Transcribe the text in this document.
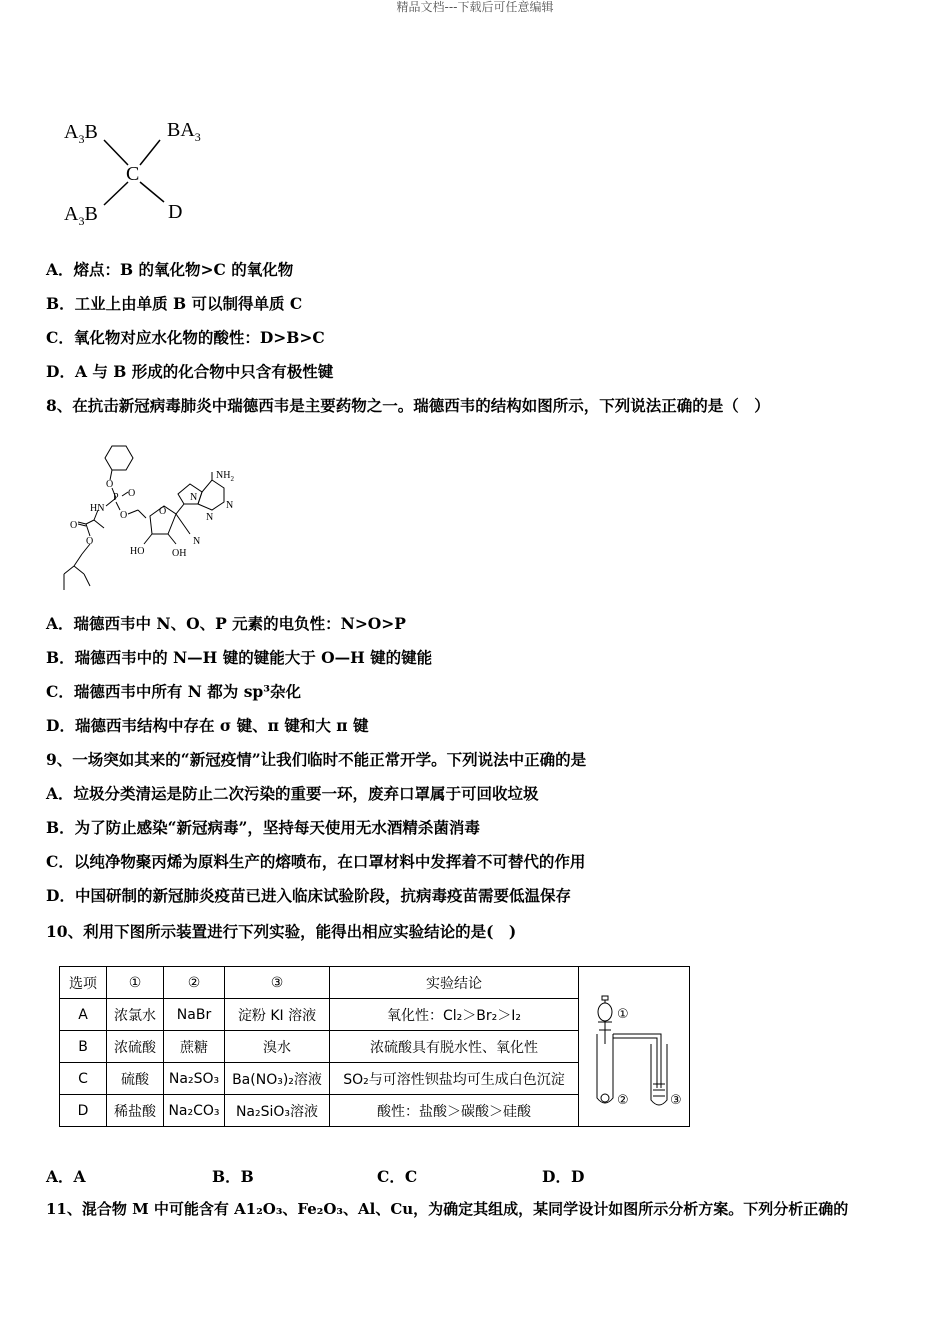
精品文档---下载后可任意编辑
$A_3B$	$BA_3$
C
$A_3B$	D
A．熔点：B 的氧化物>C 的氧化物
B．工业上由单质 B 可以制得单质 C
C．氧化物对应水化物的酸性：D>B>C
D．A 与 B 形成的化合物中只含有极性键
8、在抗击新冠病毒肺炎中瑞德西韦是主要药物之一。瑞德西韦的结构如图所示，下列说法正确的是（　）
O
HN
P O
O
$NH_2$
N
N
N
O
O	N
HO	OH
O
A．瑞德西韦中 N、O、P 元素的电负性：N>O>P
B．瑞德西韦中的 N—H 键的键能大于 O—H 键的键能
C．瑞德西韦中所有 N 都为 sp³杂化
D．瑞德西韦结构中存在 σ 键、π 键和大 π 键
9、一场突如其来的“新冠疫情”让我们临时不能正常开学。下列说法中正确的是
A．垃圾分类清运是防止二次污染的重要一环，废弃口罩属于可回收垃圾
B．为了防止感染“新冠病毒”，坚持每天使用无水酒精杀菌消毒
C．以纯净物聚丙烯为原料生产的熔喷布，在口罩材料中发挥着不可替代的作用
D．中国研制的新冠肺炎疫苗已进入临床试验阶段，抗病毒疫苗需要低温保存
10、利用下图所示装置进行下列实验，能得出相应实验结论的是(　)
选项	①	②	③	实验结论	①
② ③

A	浓氯水	NaBr	淀粉 KI 溶液	氧化性：Cl₂＞Br₂＞I₂	
B	浓硫酸	蔗糖	溴水	浓硫酸具有脱水性、氧化性	
C	硫酸	Na₂SO₃	Ba(NO₃)₂溶液	SO₂与可溶性钡盐均可生成白色沉淀	
D	稀盐酸	Na₂CO₃	Na₂SiO₃溶液	酸性：盐酸＞碳酸＞硅酸	
A．A	B．B	C．C	D．D
11、混合物 M 中可能含有 A1₂O₃、Fe₂O₃、Al、Cu，为确定其组成，某同学设计如图所示分析方案。下列分析正确的
